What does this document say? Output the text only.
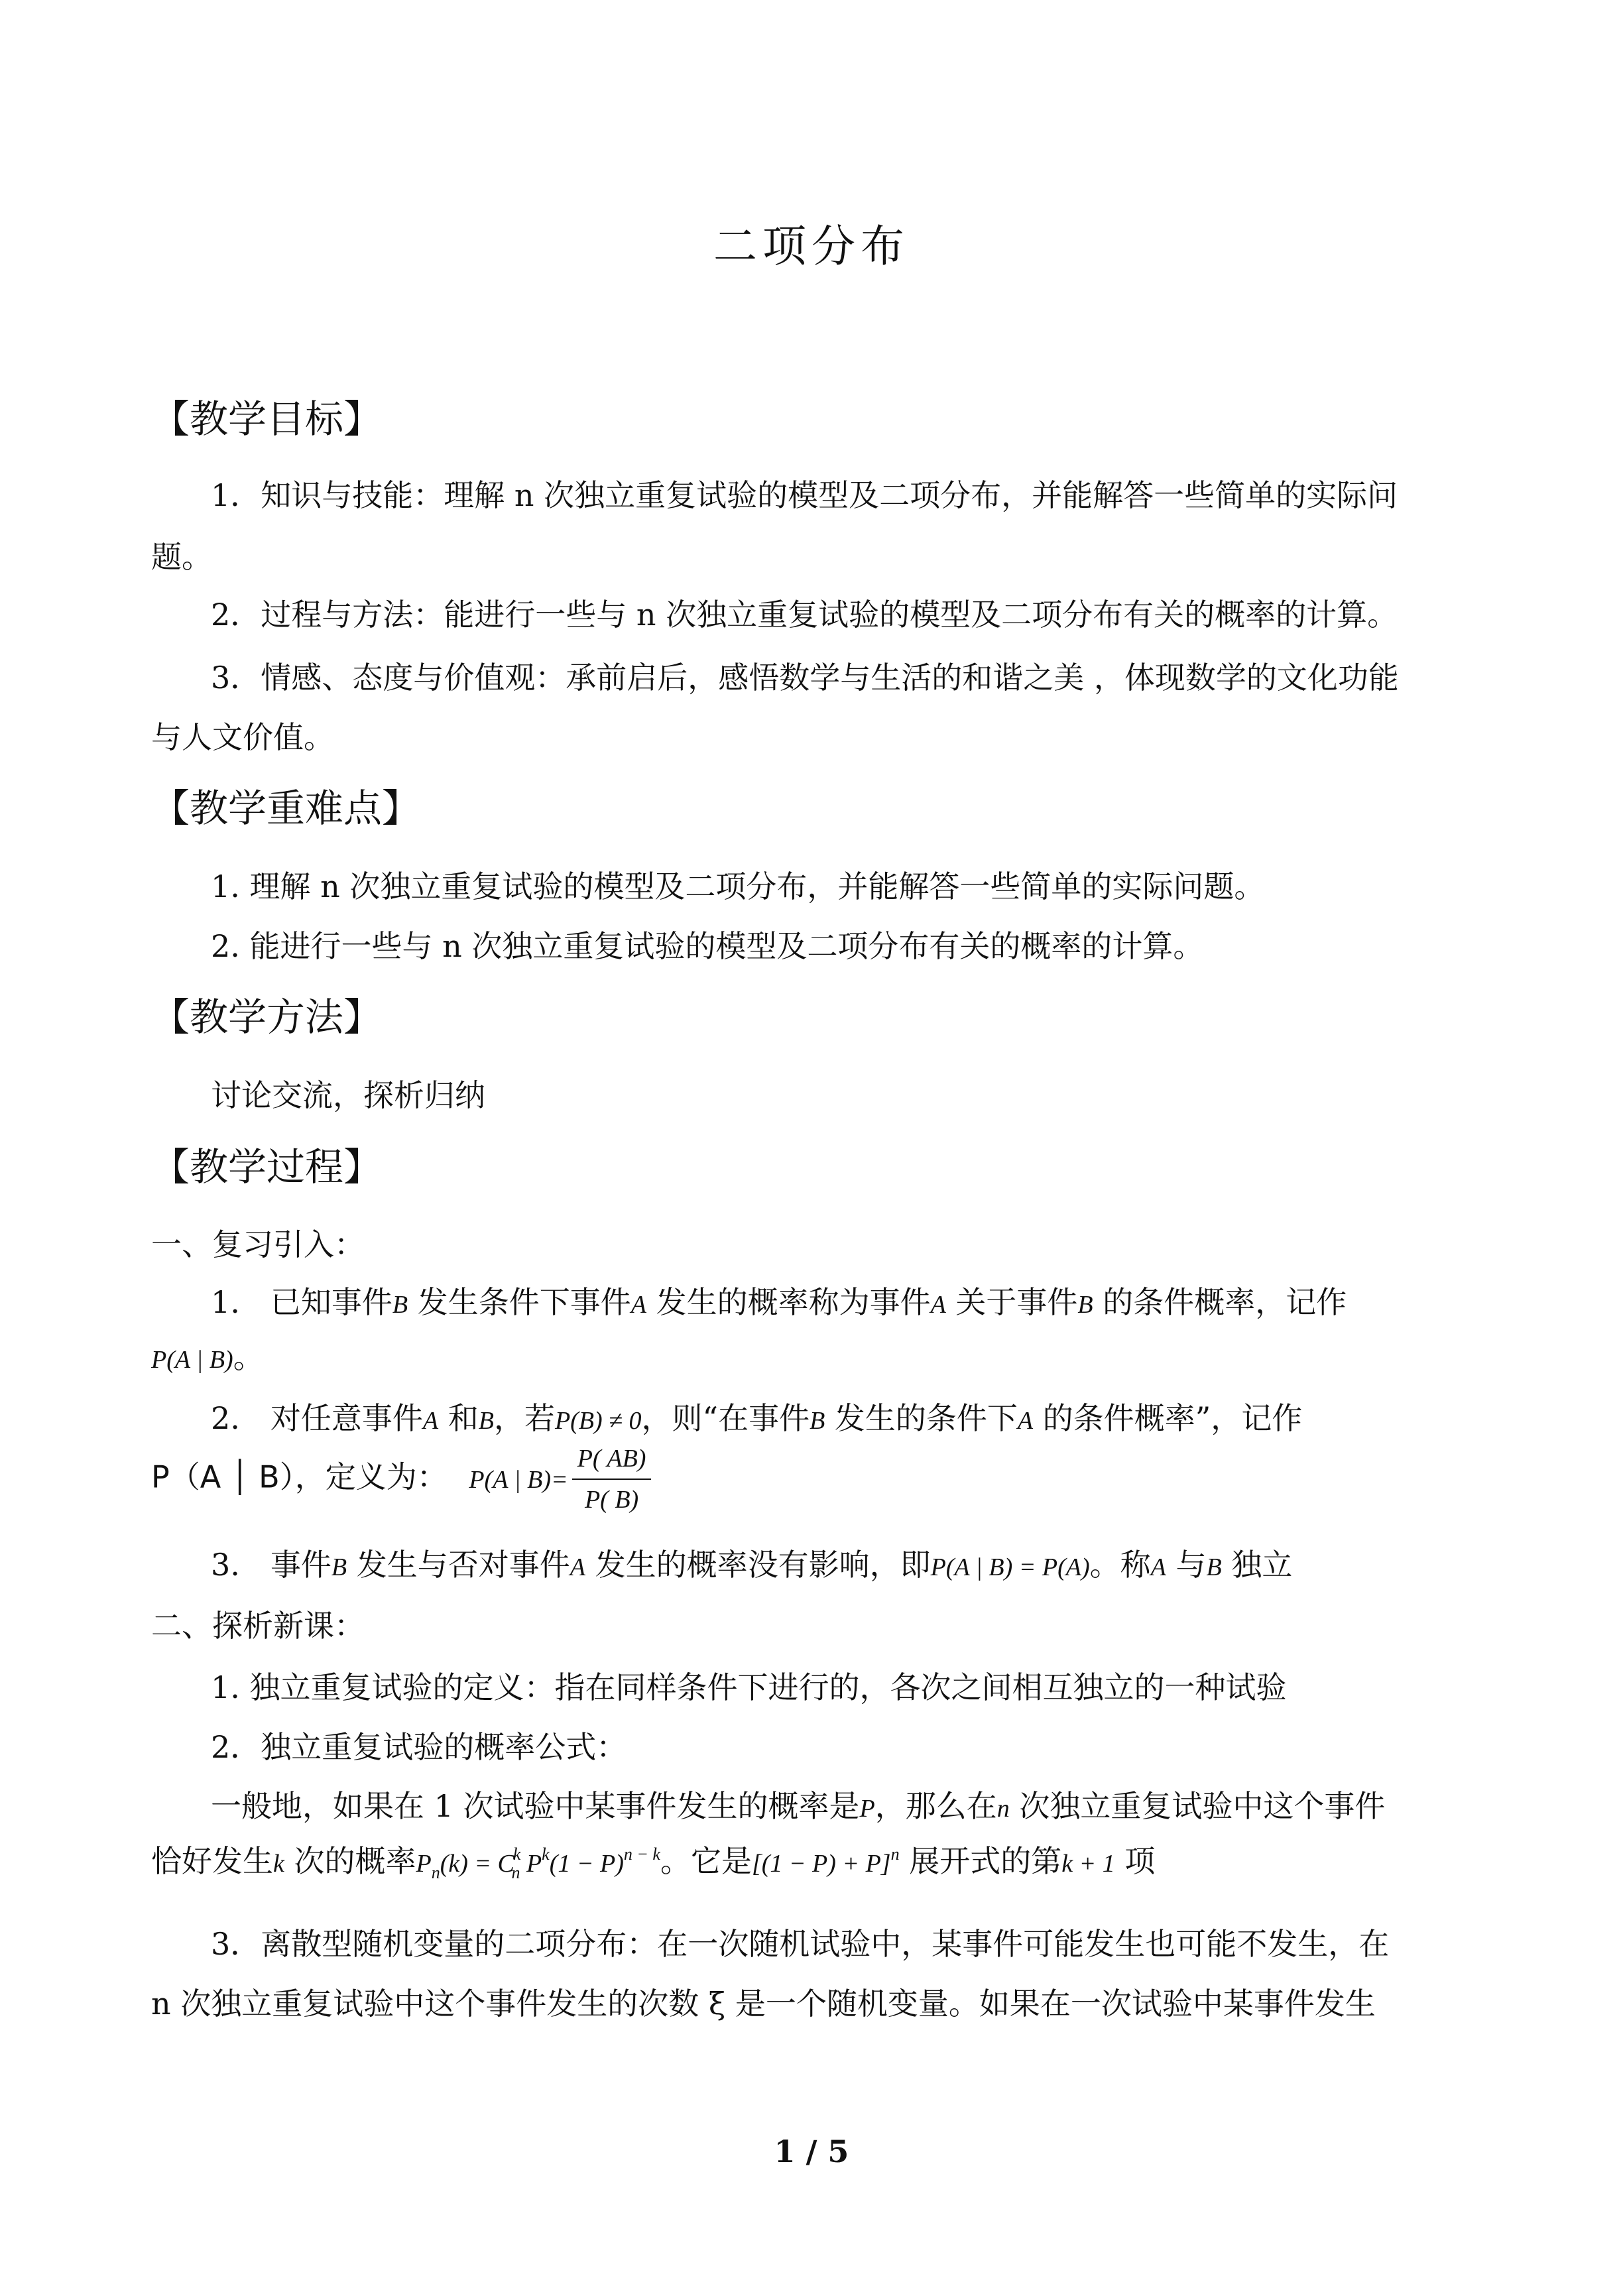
二项分布
【教学目标】
1．知识与技能：理解 n 次独立重复试验的模型及二项分布，并能解答一些简单的实际问
题。
2．过程与方法：能进行一些与 n 次独立重复试验的模型及二项分布有关的概率的计算。
3．情感、态度与价值观：承前启后，感悟数学与生活的和谐之美 ，体现数学的文化功能
与人文价值。
【教学重难点】
1. 理解 n 次独立重复试验的模型及二项分布，并能解答一些简单的实际问题。
2. 能进行一些与 n 次独立重复试验的模型及二项分布有关的概率的计算。
【教学方法】
讨论交流，探析归纳
【教学过程】
一、复习引入：
1.　已知事件B 发生条件下事件A 发生的概率称为事件A 关于事件B 的条件概率，记作
P(A | B)。
2.　对任意事件A 和B，若P(B) ≠ 0，则“在事件B 发生的条件下A 的条件概率”，记作
P（A │ B），定义为： P(A | $B)= \frac{P( AB)}{P( B)}$
3.　事件B 发生与否对事件A 发生的概率没有影响，即P(A | B) = P(A)。称A 与B 独立
二、探析新课：
1. 独立重复试验的定义：指在同样条件下进行的，各次之间相互独立的一种试验
2．独立重复试验的概率公式：
一般地，如果在 1 次试验中某事件发生的概率是P，那么在n 次独立重复试验中这个事件
恰好发生k 次的概率$P_n(k) = C^k_n$ $P^k(1 - P)^{n - k}$。它是$[(1 - P) + P]^n$ 展开式的第k + 1 项
3．离散型随机变量的二项分布：在一次随机试验中，某事件可能发生也可能不发生，在
n 次独立重复试验中这个事件发生的次数 ξ 是一个随机变量。如果在一次试验中某事件发生
1 / 5
